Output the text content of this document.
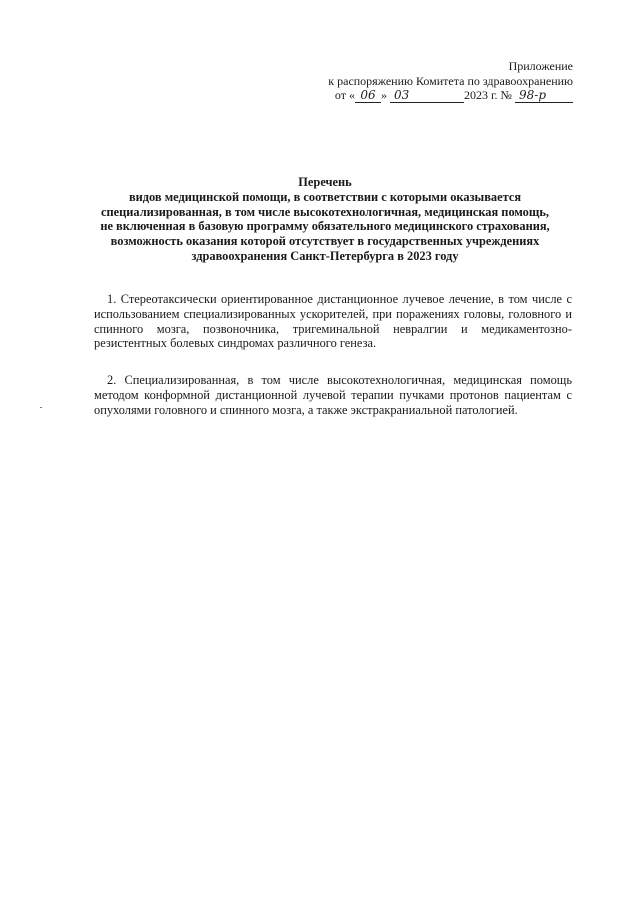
Приложение
к распоряжению Комитета по здравоохранению
от « 06 » 03	2023 г. № 98-р
Перечень
видов медицинской помощи, в соответствии с которыми оказывается
специализированная, в том числе высокотехнологичная, медицинская помощь,
не включенная в базовую программу обязательного медицинского страхования,
возможность оказания которой отсутствует в государственных учреждениях
здравоохранения Санкт-Петербурга в 2023 году

1. Стереотаксически ориентированное дистанционное лучевое лечение, в том числе с использованием специализированных ускорителей, при поражениях головы, головного и спинного мозга, позвоночника, тригеминальной невралгии и медикаментознорезистентных болевых синдромах различного генеза.

2. Специализированная, в том числе высокотехнологичная, медицинская помощь методом конформной дистанционной лучевой терапии пучками протонов пациентам с опухолями головного и спинного мозга, а также экстракраниальной патологией.
